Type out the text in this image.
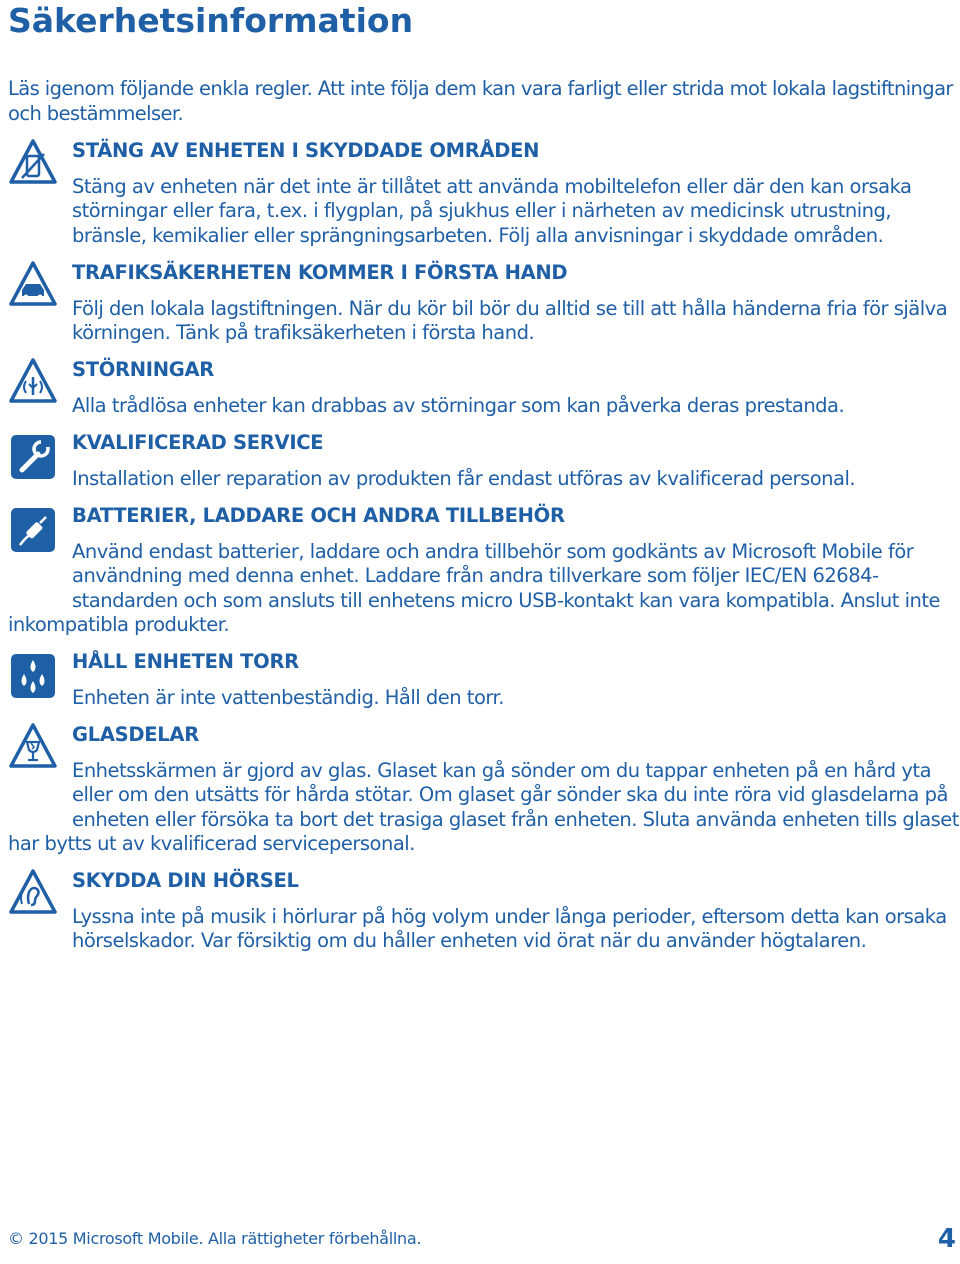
Säkerhetsinformation

Läs igenom följande enkla regler. Att inte följa dem kan vara farligt eller strida mot lokala lagstiftningar och bestämmelser.

STÄNG AV ENHETEN I SKYDDADE OMRÅDEN

Stäng av enheten när det inte är tillåtet att använda mobiltelefon eller där den kan orsaka störningar eller fara, t.ex. i flygplan, på sjukhus eller i närheten av medicinsk utrustning, bränsle, kemikalier eller sprängningsarbeten. Följ alla anvisningar i skyddade områden.

TRAFIKSÄKERHETEN KOMMER I FÖRSTA HAND

Följ den lokala lagstiftningen. När du kör bil bör du alltid se till att hålla händerna fria för själva körningen. Tänk på trafiksäkerheten i första hand.

STÖRNINGAR

Alla trådlösa enheter kan drabbas av störningar som kan påverka deras prestanda.

KVALIFICERAD SERVICE

Installation eller reparation av produkten får endast utföras av kvalificerad personal.

BATTERIER, LADDARE OCH ANDRA TILLBEHÖR

Använd endast batterier, laddare och andra tillbehör som godkänts av Microsoft Mobile för användning med denna enhet. Laddare från andra tillverkare som följer IEC/EN 62684-standarden och som ansluts till enhetens micro USB-kontakt kan vara kompatibla. Anslut inte inkompatibla produkter.

HÅLL ENHETEN TORR

Enheten är inte vattenbeständig. Håll den torr.

GLASDELAR

Enhetsskärmen är gjord av glas. Glaset kan gå sönder om du tappar enheten på en hård yta eller om den utsätts för hårda stötar. Om glaset går sönder ska du inte röra vid glasdelarna på enheten eller försöka ta bort det trasiga glaset från enheten. Sluta använda enheten tills glaset har bytts ut av kvalificerad servicepersonal.

SKYDDA DIN HÖRSEL

Lyssna inte på musik i hörlurar på hög volym under långa perioder, eftersom detta kan orsaka hörselskador. Var försiktig om du håller enheten vid örat när du använder högtalaren.

© 2015 Microsoft Mobile. Alla rättigheter förbehållna.	4
